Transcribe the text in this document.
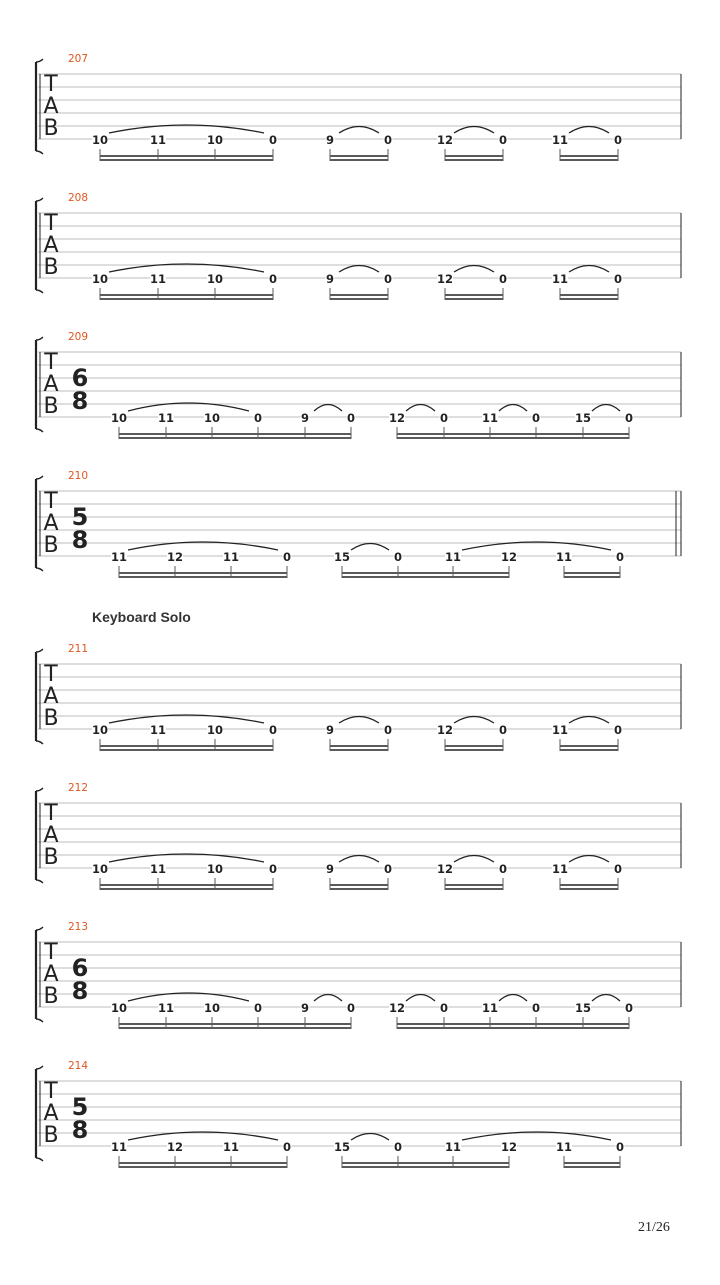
T
A
B
207
10	11	10	0	9	0	12	0	11	0
T
A
B
208
10	11	10	0	9	0	12	0	11	0
T
A
B
209
6
8
10	11	10	0	9	0	12	0	11	0	15	0
T
A
B
210
5
8
11	12	11	0	15	0	11	12	11	0
T
A
B
211
10	11	10	0	9	0	12	0	11	0
T
A
B
212
10	11	10	0	9	0	12	0	11	0
T
A
B
213
6
8
10	11	10	0	9	0	12	0	11	0	15	0
T
A
B
214
5
8
11	12	11	0	15	0	11	12	11	0
Keyboard Solo
21/26
